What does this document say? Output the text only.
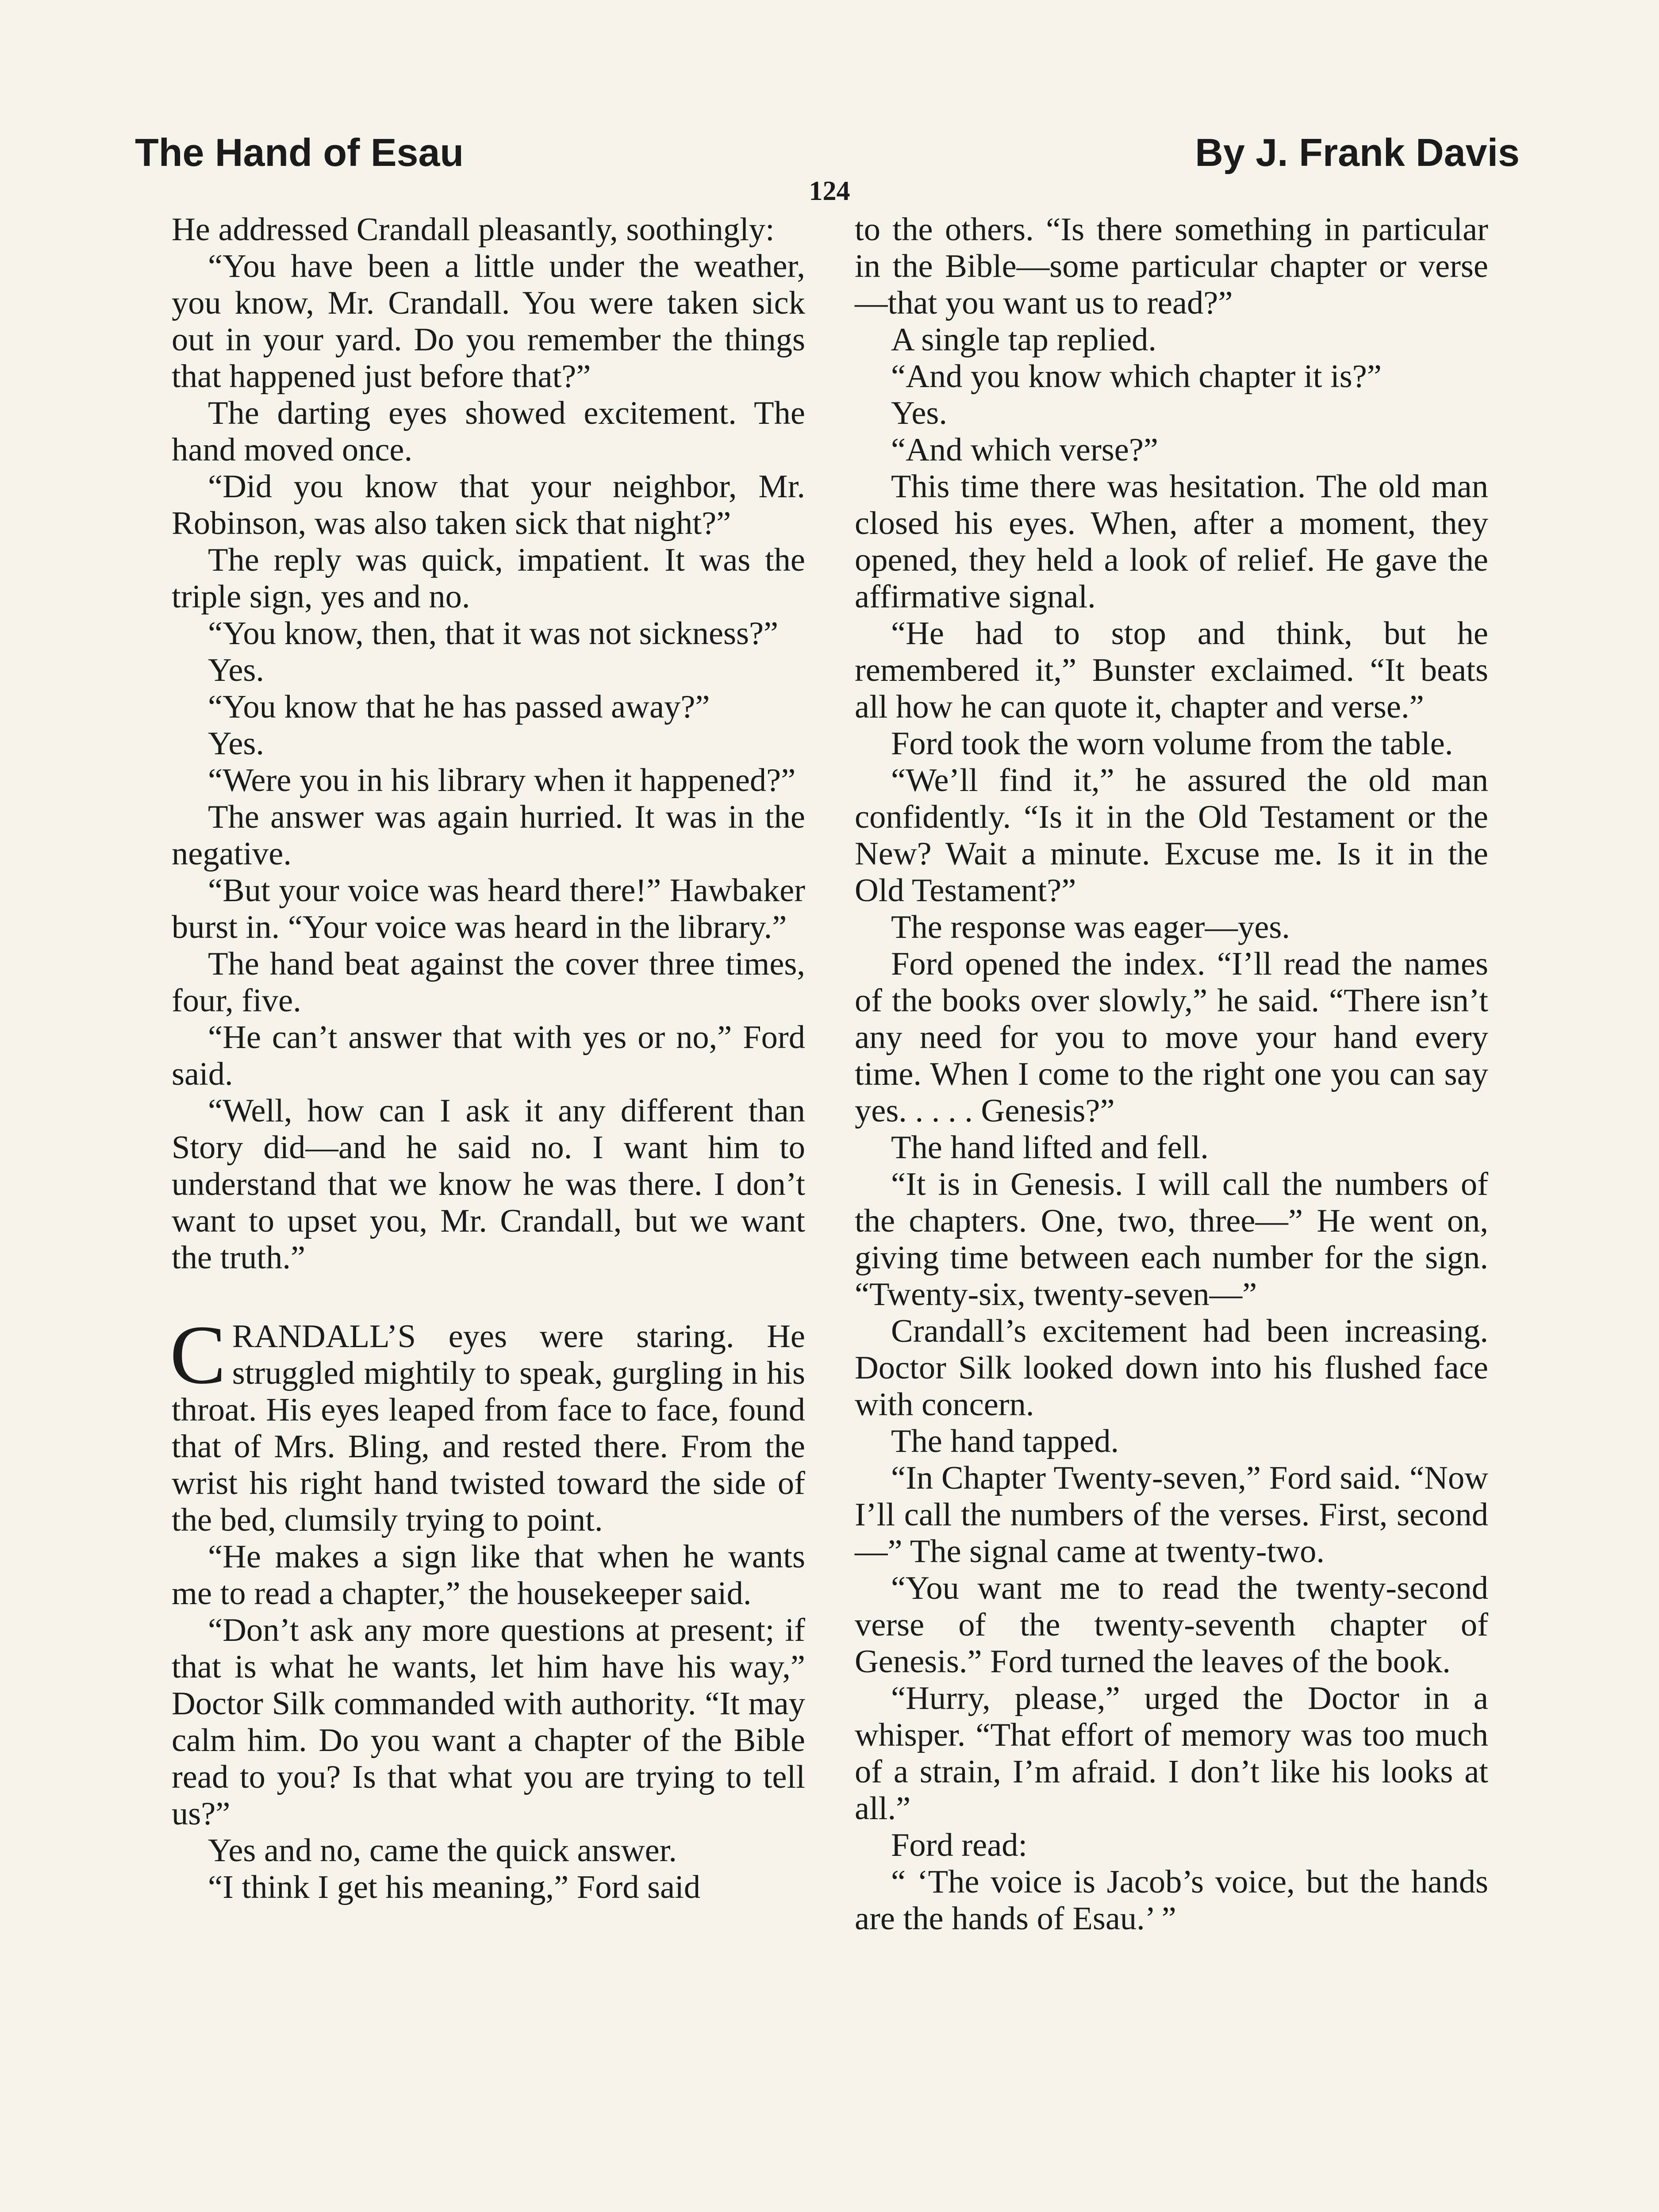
The Hand of Esau	By J. Frank Davis
124

He addressed Crandall pleasantly, soothingly:

“You have been a little under the weather, you know, Mr. Crandall. You were taken sick out in your yard. Do you remember the things that happened just before that?”

The darting eyes showed excitement. The hand moved once.

“Did you know that your neighbor, Mr. Robinson, was also taken sick that night?”

The reply was quick, impatient. It was the triple sign, yes and no.

“You know, then, that it was not sickness?”

Yes.

“You know that he has passed away?”

Yes.

“Were you in his library when it happened?”

The answer was again hurried. It was in the negative.

“But your voice was heard there!” Hawbaker burst in. “Your voice was heard in the library.”

The hand beat against the cover three times, four, five.

“He can’t answer that with yes or no,” Ford said.

“Well, how can I ask it any different than Story did—and he said no. I want him to understand that we know he was there. I don’t want to upset you, Mr. Crandall, but we want the truth.”

CRANDALL’S eyes were staring. He struggled mightily to speak, gurgling in his throat. His eyes leaped from face to face, found that of Mrs. Bling, and rested there. From the wrist his right hand twisted toward the side of the bed, clumsily trying to point.

“He makes a sign like that when he wants me to read a chapter,” the housekeeper said.

“Don’t ask any more questions at present; if that is what he wants, let him have his way,” Doctor Silk commanded with authority. “It may calm him. Do you want a chapter of the Bible read to you? Is that what you are trying to tell us?”

Yes and no, came the quick answer.

“I think I get his meaning,” Ford said

to the others. “Is there something in particular in the Bible—some particular chapter or verse—that you want us to read?”

A single tap replied.

“And you know which chapter it is?”

Yes.

“And which verse?”

This time there was hesitation. The old man closed his eyes. When, after a moment, they opened, they held a look of relief. He gave the affirmative signal.

“He had to stop and think, but he remembered it,” Bunster exclaimed. “It beats all how he can quote it, chapter and verse.”

Ford took the worn volume from the table.

“We’ll find it,” he assured the old man confidently. “Is it in the Old Testament or the New? Wait a minute. Excuse me. Is it in the Old Testament?”

The response was eager—yes.

Ford opened the index. “I’ll read the names of the books over slowly,” he said. “There isn’t any need for you to move your hand every time. When I come to the right one you can say yes. . . . . Genesis?”

The hand lifted and fell.

“It is in Genesis. I will call the numbers of the chapters. One, two, three—” He went on, giving time between each number for the sign. “Twenty-six, twenty-seven—”

Crandall’s excitement had been increasing. Doctor Silk looked down into his flushed face with concern.

The hand tapped.

“In Chapter Twenty-seven,” Ford said. “Now I’ll call the numbers of the verses. First, second—” The signal came at twenty-two.

“You want me to read the twenty-second verse of the twenty-seventh chapter of Genesis.” Ford turned the leaves of the book.

“Hurry, please,” urged the Doctor in a whisper. “That effort of memory was too much of a strain, I’m afraid. I don’t like his looks at all.”

Ford read:

“ ‘The voice is Jacob’s voice, but the hands are the hands of Esau.’ ”
